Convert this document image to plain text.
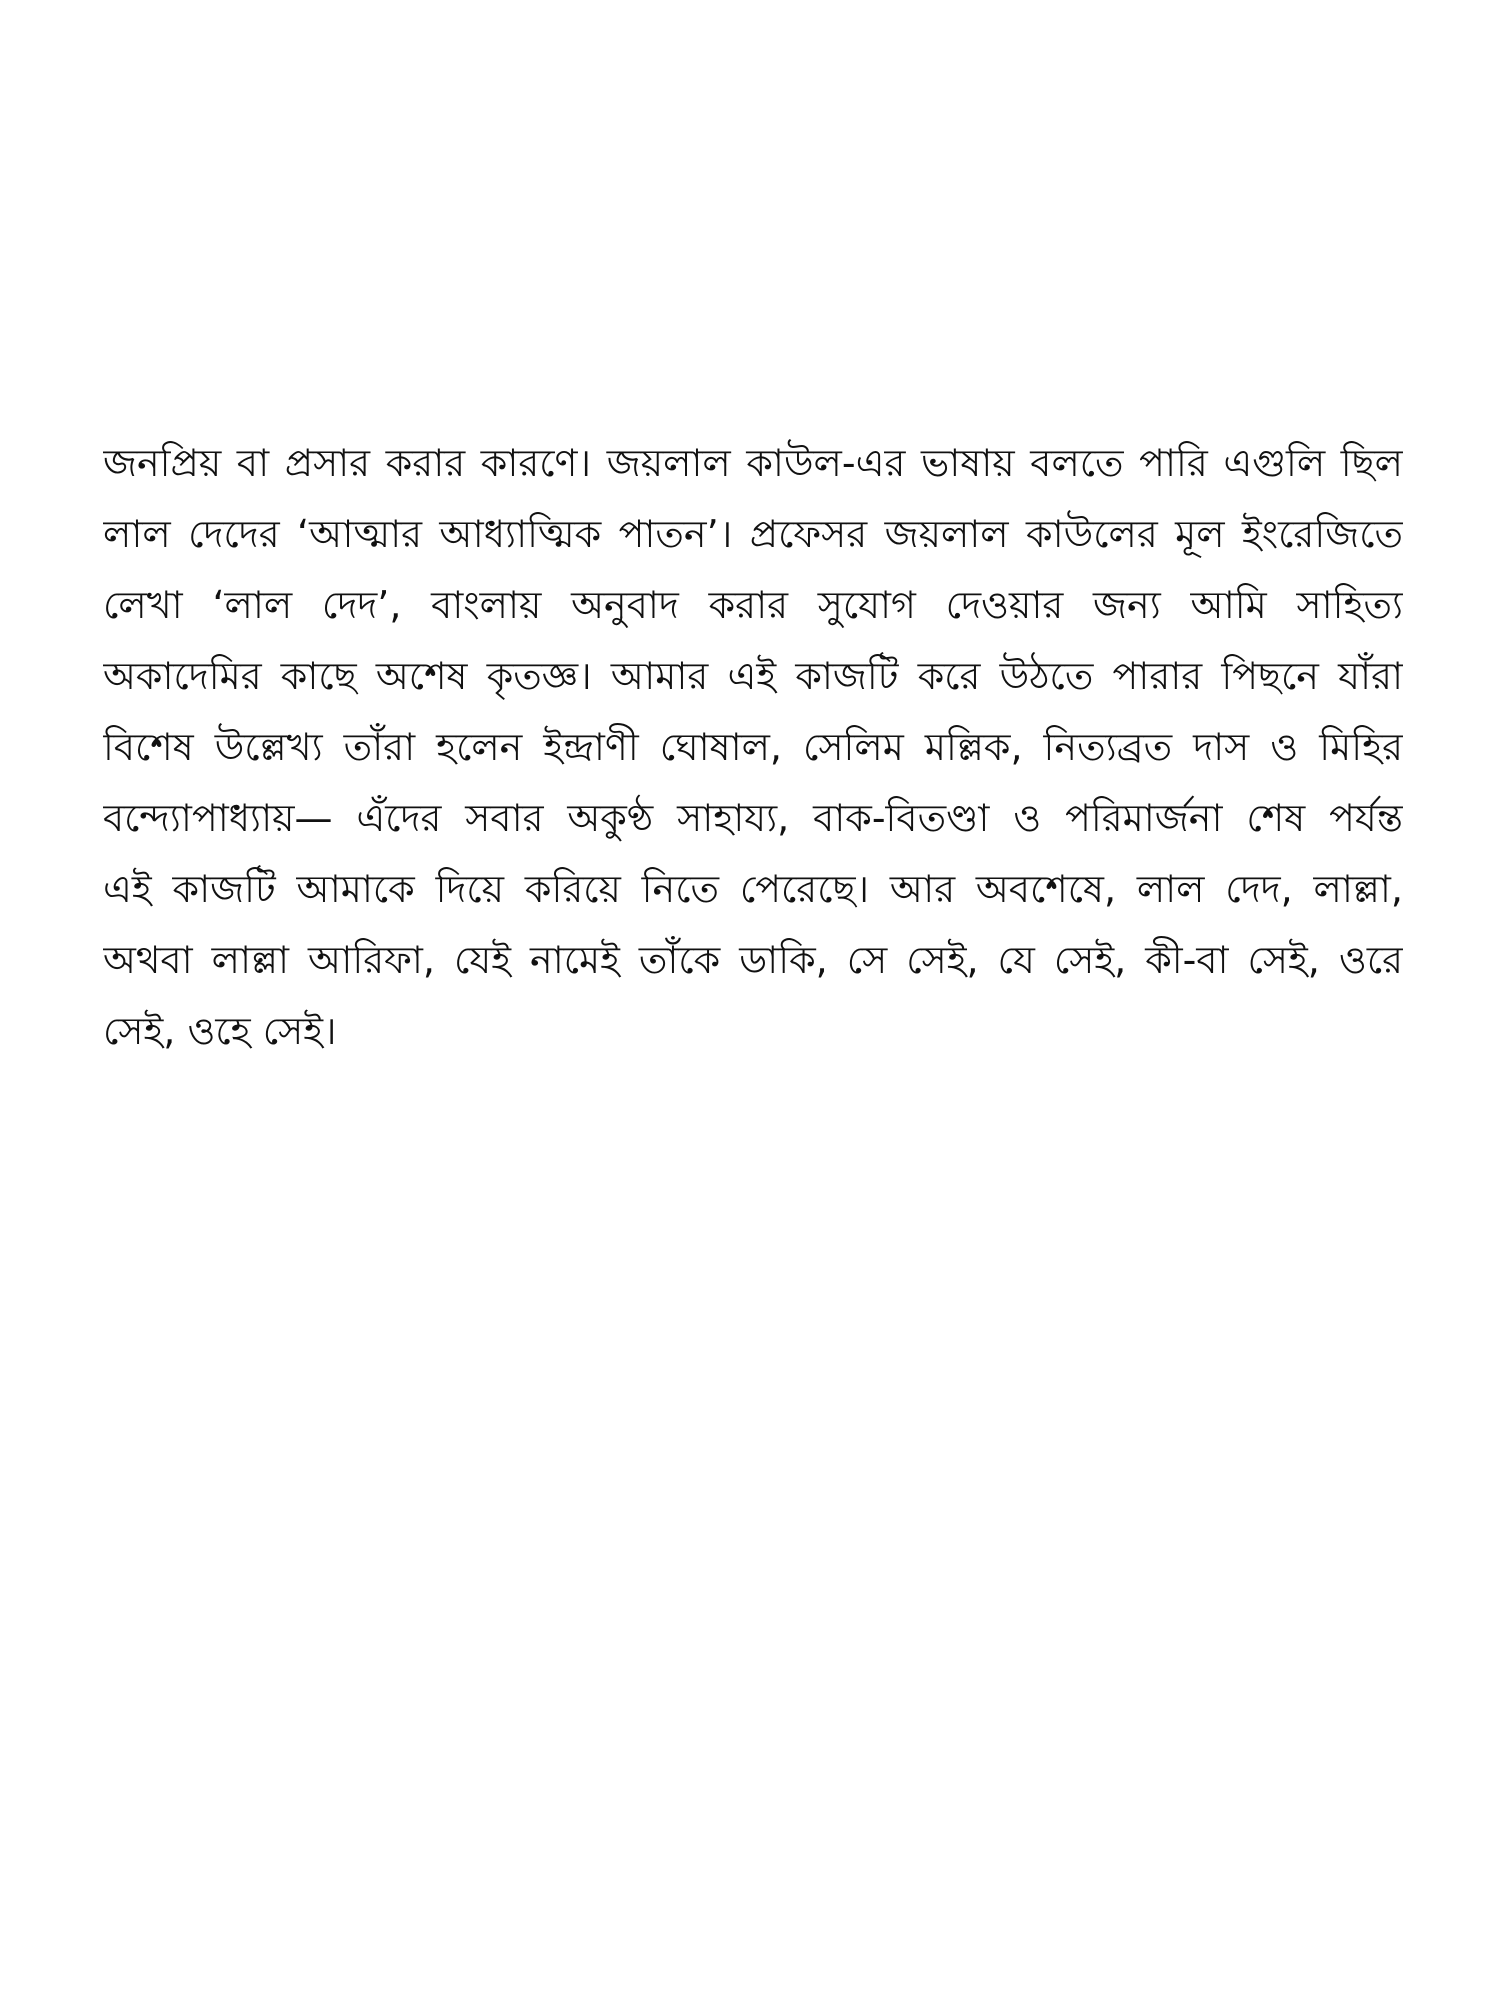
জনপ্রিয় বা প্রসার করার কারণে। জয়লাল কাউল-এর ভাষায় বলতে পারি এগুলি ছিল
লাল দেদের ‘আত্মার আধ্যাত্মিক পাতন’। প্রফেসর জয়লাল কাউলের মূল ইংরেজিতে
লেখা ‘লাল দেদ’, বাংলায় অনুবাদ করার সুযোগ দেওয়ার জন্য আমি সাহিত্য
অকাদেমির কাছে অশেষ কৃতজ্ঞ। আমার এই কাজটি করে উঠতে পারার পিছনে যাঁরা
বিশেষ উল্লেখ্য তাঁরা হলেন ইন্দ্রাণী ঘোষাল, সেলিম মল্লিক, নিত্যব্রত দাস ও মিহির
বন্দ্যোপাধ্যায়— এঁদের সবার অকুণ্ঠ সাহায্য, বাক-বিতণ্ডা ও পরিমার্জনা শেষ পর্যন্ত
এই কাজটি আমাকে দিয়ে করিয়ে নিতে পেরেছে। আর অবশেষে, লাল দেদ, লাল্লা,
অথবা লাল্লা আরিফা, যেই নামেই তাঁকে ডাকি, সে সেই, যে সেই, কী-বা সেই, ওরে
সেই, ওহে সেই।
